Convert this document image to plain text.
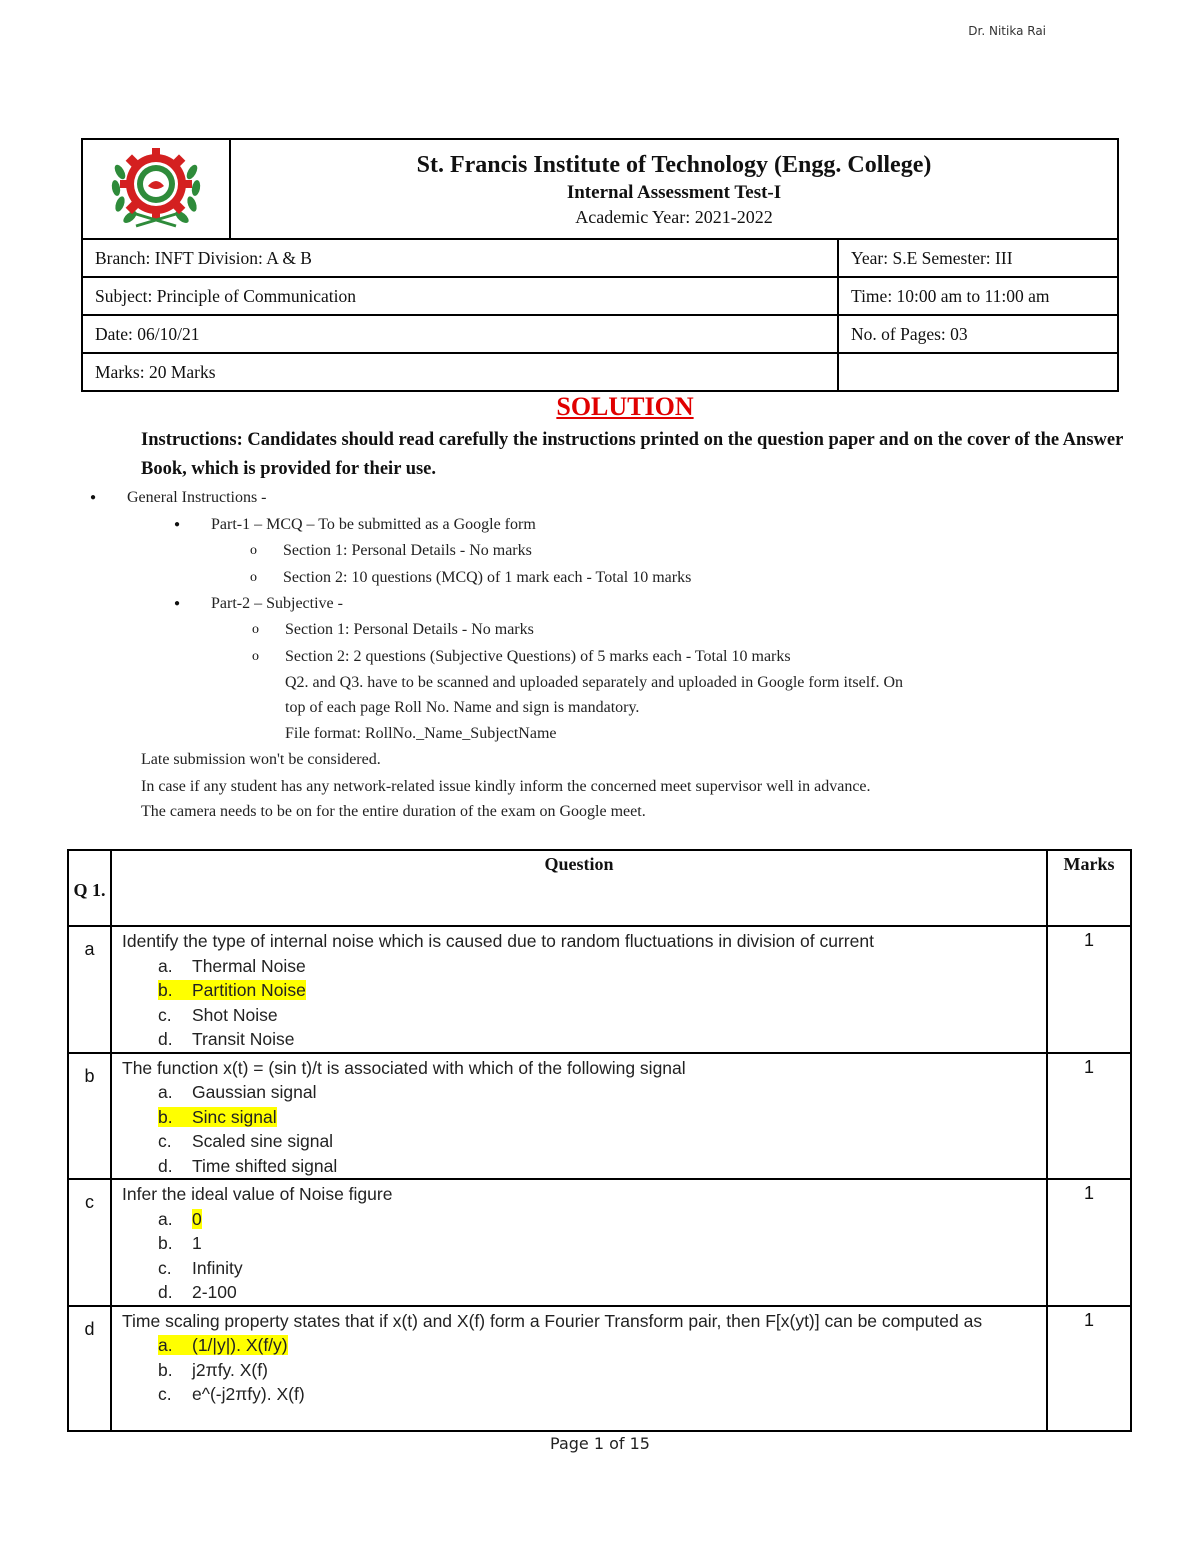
Dr. Nitika Rai

St. Francis Institute of Technology (Engg. College)
Internal Assessment Test-I
Academic Year: 2021-2022	

Branch: INFT Division: A & B		Year: S.E Semester: III
Subject: Principle of Communication		Time: 10:00 am to 11:00 am
Date: 06/10/21		No. of Pages: 03
Marks: 20 Marks		
SOLUTION
Instructions: Candidates should read carefully the instructions printed on the question paper and on the cover of the Answer Book, which is provided for their use.
● General Instructions -
● Part-1 – MCQ – To be submitted as a Google form
o Section 1: Personal Details - No marks
o Section 2: 10 questions (MCQ) of 1 mark each - Total 10 marks
● Part-2 – Subjective -
o Section 1: Personal Details - No marks
o Section 2: 2 questions (Subjective Questions) of 5 marks each - Total 10 marks
Q2. and Q3. have to be scanned and uploaded separately and uploaded in Google form itself. On
top of each page Roll No. Name and sign is mandatory.
File format: RollNo._Name_SubjectName
Late submission won't be considered.
In case if any student has any network-related issue kindly inform the concerned meet supervisor well in advance.
The camera needs to be on for the entire duration of the exam on Google meet.
Q 1.	Question	Marks
a	Identify the type of internal noise which is caused due to random fluctuations in division of current
a. Thermal Noise
b. Partition Noise
c. Shot Noise
d. Transit Noise	1
b	The function x(t) = (sin t)/t is associated with which of the following signal
a. Gaussian signal
b. Sinc signal
c. Scaled sine signal
d. Time shifted signal	1
c	Infer the ideal value of Noise figure
a. 0
b. 1
c. Infinity
d. 2-100	1
d	Time scaling property states that if x(t) and X(f) form a Fourier Transform pair, then F[x(yt)] can be computed as
a. (1/|y|). X(f/y)
b. j2πfy. X(f)
c. e^(-j2πfy). X(f)	1
Page 1 of 15
